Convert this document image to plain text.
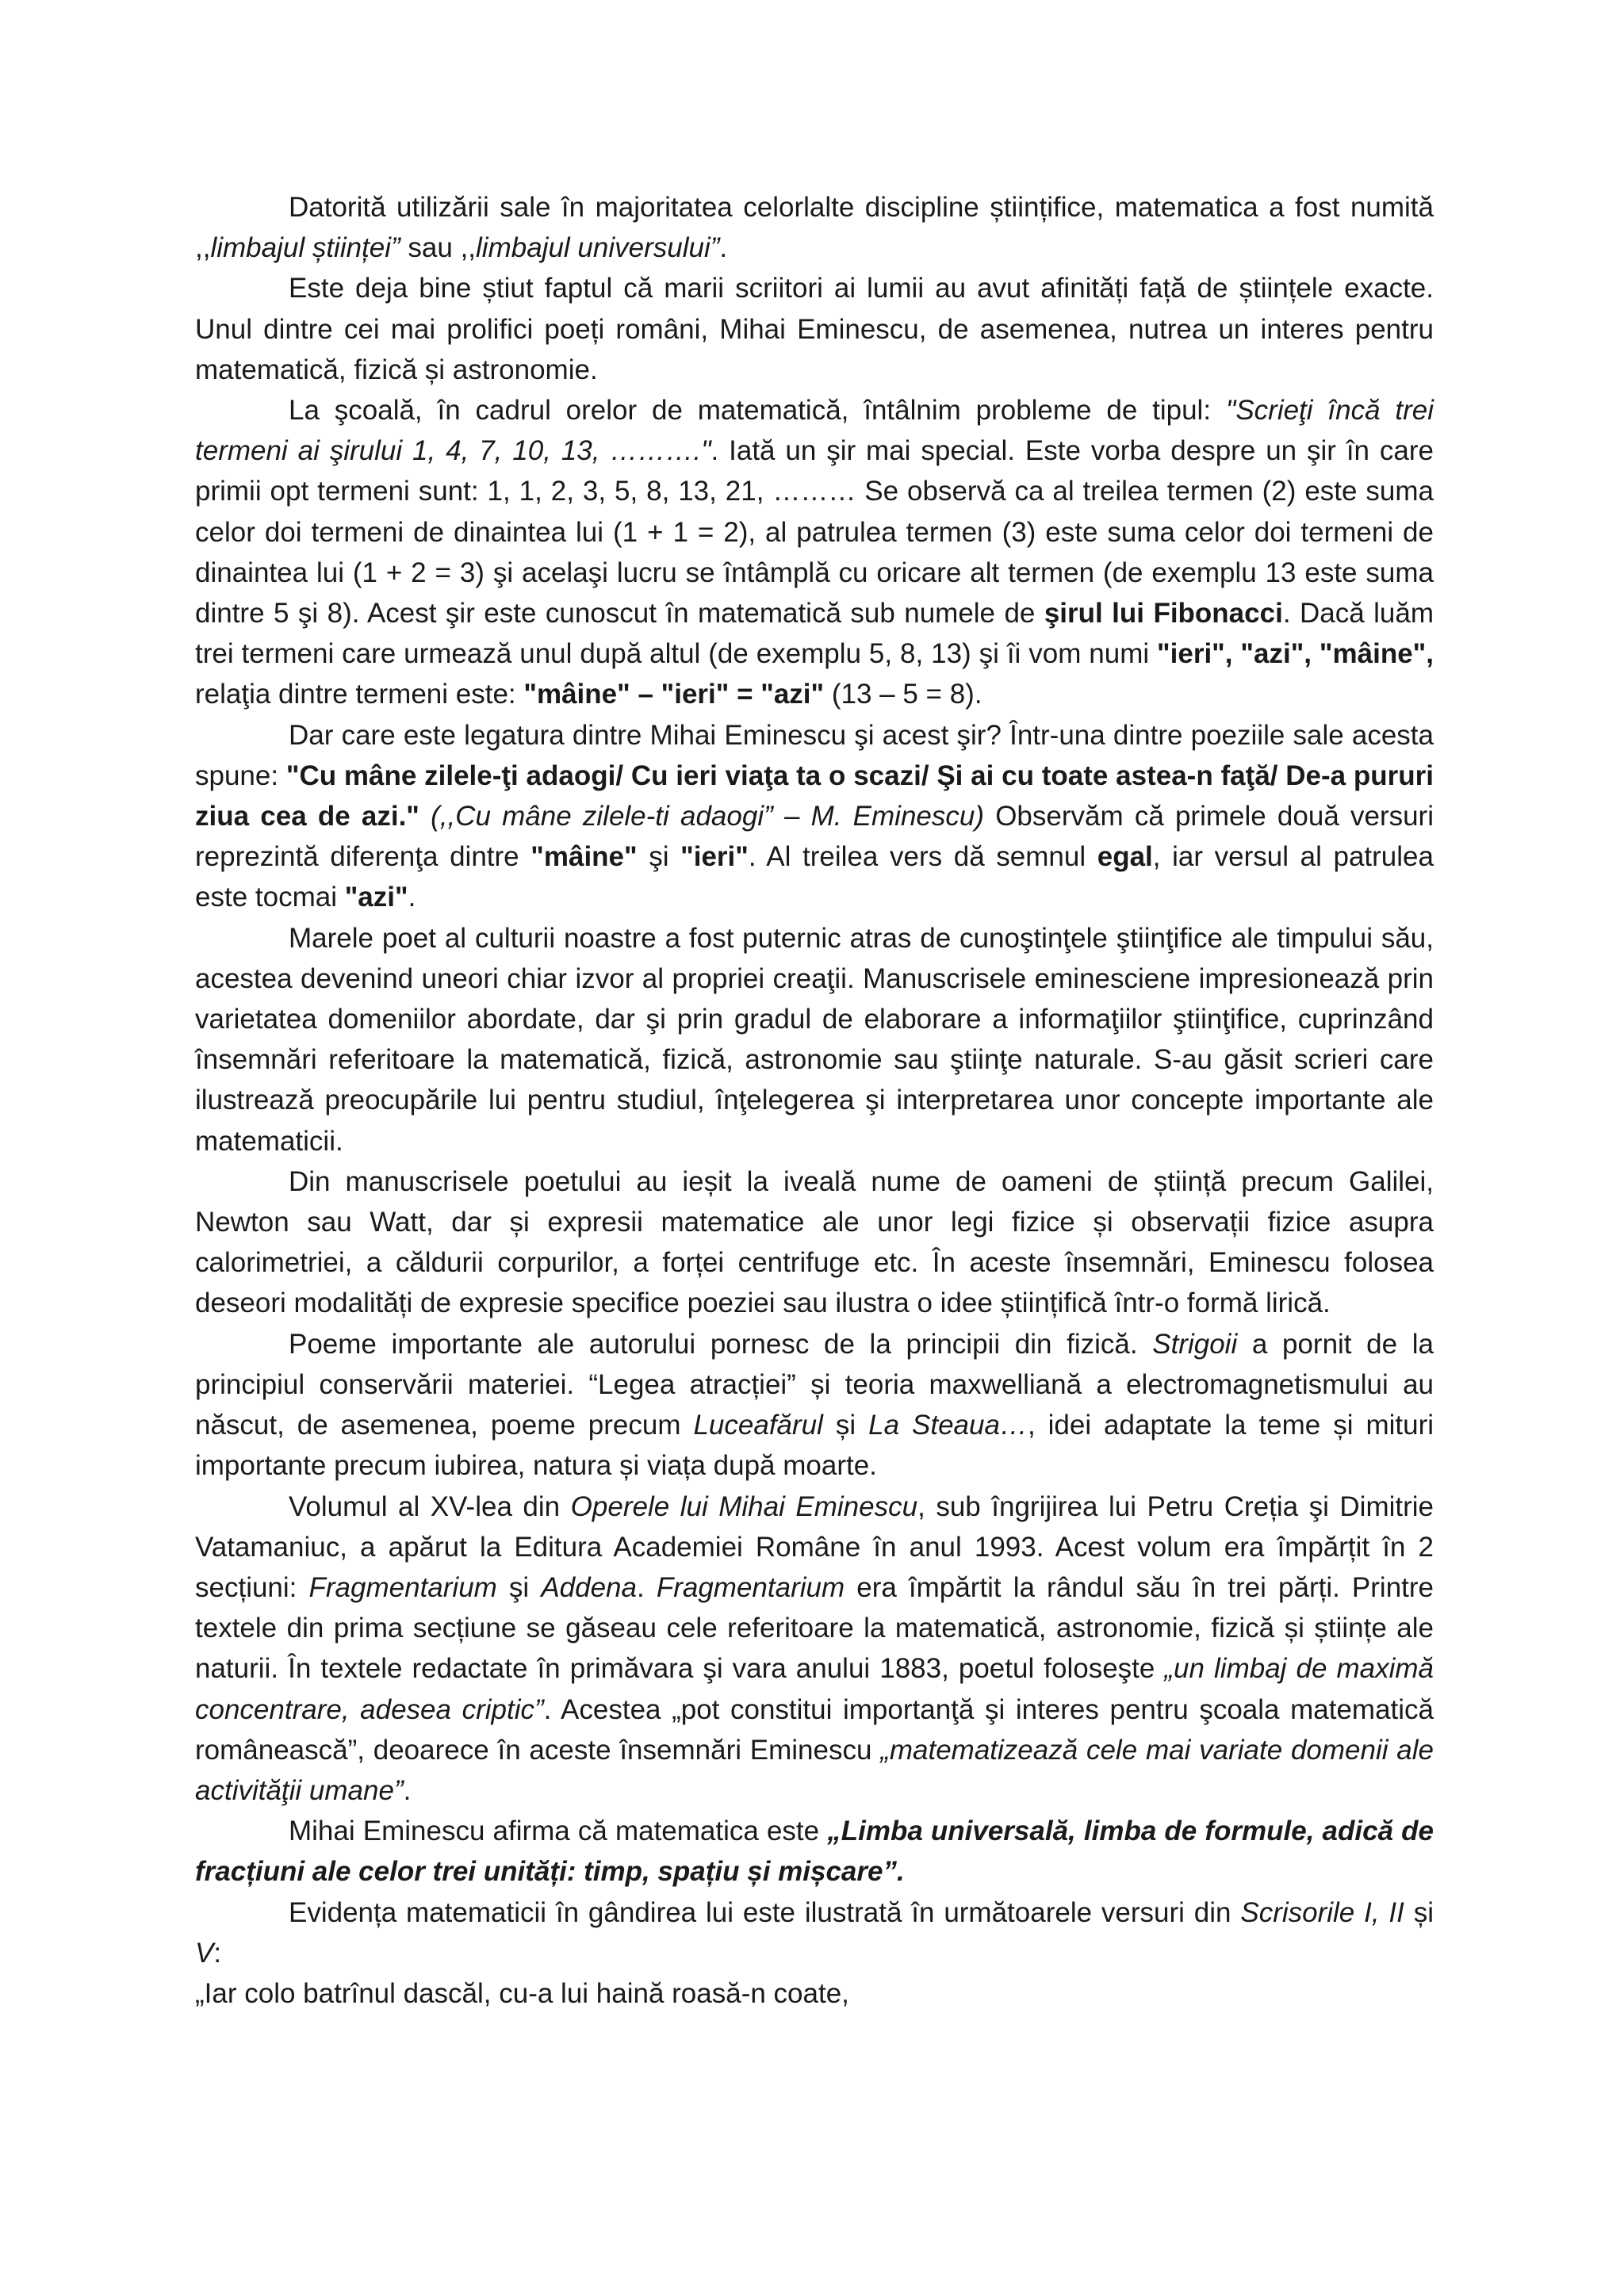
Datorită utilizării sale în majoritatea celorlalte discipline științifice, matematica a fost numită ,,limbajul științei” sau ,,limbajul universului”.

Este deja bine știut faptul că marii scriitori ai lumii au avut afinități față de științele exacte. Unul dintre cei mai prolifici poeți români, Mihai Eminescu, de asemenea, nutrea un interes pentru matematică, fizică și astronomie.

La şcoală, în cadrul orelor de matematică, întâlnim probleme de tipul: "Scrieţi încă trei termeni ai şirului 1, 4, 7, 10, 13, ……….". Iată un şir mai special. Este vorba despre un şir în care primii opt termeni sunt: 1, 1, 2, 3, 5, 8, 13, 21, ……… Se observă ca al treilea termen (2) este suma celor doi termeni de dinaintea lui (1 + 1 = 2), al patrulea termen (3) este suma celor doi termeni de dinaintea lui (1 + 2 = 3) şi acelaşi lucru se întâmplă cu oricare alt termen (de exemplu 13 este suma dintre 5 şi 8). Acest şir este cunoscut în matematică sub numele de şirul lui Fibonacci. Dacă luăm trei termeni care urmează unul după altul (de exemplu 5, 8, 13) şi îi vom numi "ieri", "azi", "mâine", relaţia dintre termeni este: "mâine" – "ieri" = "azi" (13 – 5 = 8).

Dar care este legatura dintre Mihai Eminescu şi acest şir? Într-una dintre poeziile sale acesta spune: "Cu mâne zilele-ţi adaogi/ Cu ieri viaţa ta o scazi/ Şi ai cu toate astea-n faţă/ De-a pururi ziua cea de azi." (,,Cu mâne zilele-ti adaogi” – M. Eminescu) Observăm că primele două versuri reprezintă diferenţa dintre "mâine" şi "ieri". Al treilea vers dă semnul egal, iar versul al patrulea este tocmai "azi".

Marele poet al culturii noastre a fost puternic atras de cunoştinţele ştiinţifice ale timpului său, acestea devenind uneori chiar izvor al propriei creaţii. Manuscrisele eminesciene impresionează prin varietatea domeniilor abordate, dar şi prin gradul de elaborare a informaţiilor ştiinţifice, cuprinzând însemnări referitoare la matematică, fizică, astronomie sau ştiinţe naturale. S-au găsit scrieri care ilustrează preocupările lui pentru studiul, înţelegerea şi interpretarea unor concepte importante ale matematicii.

Din manuscrisele poetului au ieșit la iveală nume de oameni de știință precum Galilei, Newton sau Watt, dar și expresii matematice ale unor legi fizice și observații fizice asupra calorimetriei, a căldurii corpurilor, a forței centrifuge etc. În aceste însemnări, Eminescu folosea deseori modalități de expresie specifice poeziei sau ilustra o idee științifică într-o formă lirică.

Poeme importante ale autorului pornesc de la principii din fizică. Strigoii a pornit de la principiul conservării materiei. “Legea atracției” și teoria maxwelliană a electromagnetismului au născut, de asemenea, poeme precum Luceafărul și La Steaua…, idei adaptate la teme și mituri importante precum iubirea, natura și viața după moarte.

Volumul al XV-lea din Operele lui Mihai Eminescu, sub îngrijirea lui Petru Creția şi Dimitrie Vatamaniuc, a apărut la Editura Academiei Române în anul 1993. Acest volum era împărțit în 2 secțiuni: Fragmentarium şi Addena. Fragmentarium era împărtit la rândul său în trei părți. Printre textele din prima secțiune se găseau cele referitoare la matematică, astronomie, fizică și științe ale naturii. În textele redactate în primăvara şi vara anului 1883, poetul foloseşte „un limbaj de maximă concentrare, adesea criptic”. Acestea „pot constitui importanţă şi interes pentru şcoala matematică românească”, deoarece în aceste însemnări Eminescu „matematizează cele mai variate domenii ale activităţii umane”.

Mihai Eminescu afirma că matematica este „Limba universală, limba de formule, adică de fracțiuni ale celor trei unități: timp, spațiu și mișcare”.

Evidența matematicii în gândirea lui este ilustrată în următoarele versuri din Scrisorile I, II și V:

„Iar colo batrînul dascăl, cu-a lui haină roasă-n coate,
